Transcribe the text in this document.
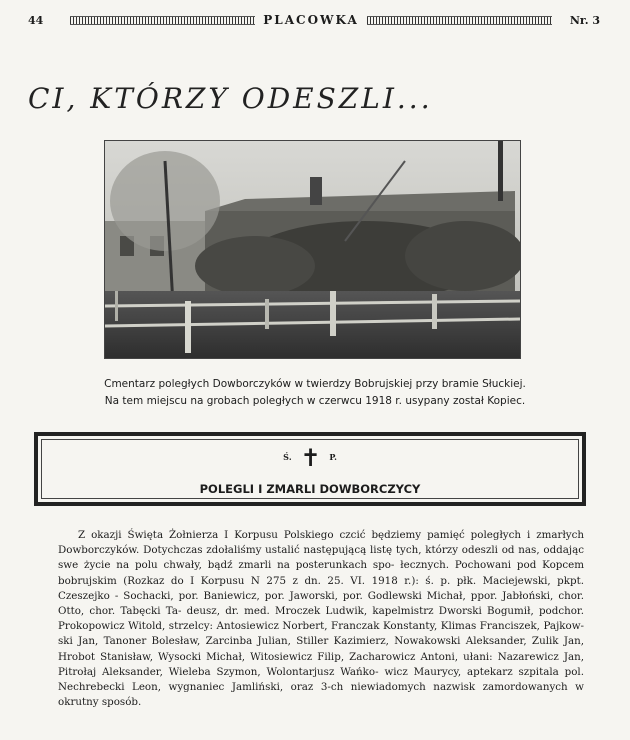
44	PLACOWKA	Nr. 3
CI, KTÓRZY ODESZLI...
Cmentarz poległych Dowborczyków w twierdzy Bobrujskiej przy bramie Słuckiej.
Na tem miejscu na grobach poległych w czerwcu 1918 r. usypany został Kopiec.
Ś. ✝ P.
POLEGLI I ZMARLI DOWBORCZYCY

Z okazji Święta Żołnierza I Korpusu Polskiego czcić będziemy pamięć poległych i zmarłych Dowborczyków. Dotychczas zdołaliśmy ustalić następującą listę tych, którzy odeszli od nas, oddając swe życie na polu chwały, bądź zmarli na posterunkach spo- łecznych. Pochowani pod Kopcem bobrujskim (Rozkaz do I Korpusu N 275 z dn. 25. VI. 1918 r.): ś. p. płk. Maciejewski, pkpt. Czeszejko - Sochacki, por. Baniewicz, por. Jaworski, por. Godlewski Michał, ppor. Jabłoński, chor. Otto, chor. Tabęcki Ta- deusz, dr. med. Mroczek Ludwik, kapelmistrz Dworski Bogumił, podchor. Prokopowicz Witold, strzelcy: Antosiewicz Norbert, Franczak Konstanty, Klimas Franciszek, Pajkow- ski Jan, Tanoner Bolesław, Zarcinba Julian, Stiller Kazimierz, Nowakowski Aleksander, Zulik Jan, Hrobot Stanisław, Wysocki Michał, Witosiewicz Filip, Zacharowicz Antoni, ułani: Nazarewicz Jan, Pitrołaj Aleksander, Wieleba Szymon, Wolontarjusz Wańko- wicz Maurycy, aptekarz szpitala pol. Nechrebecki Leon, wygnaniec Jamliński, oraz 3-ch niewiadomych nazwisk zamordowanych w okrutny sposób.
